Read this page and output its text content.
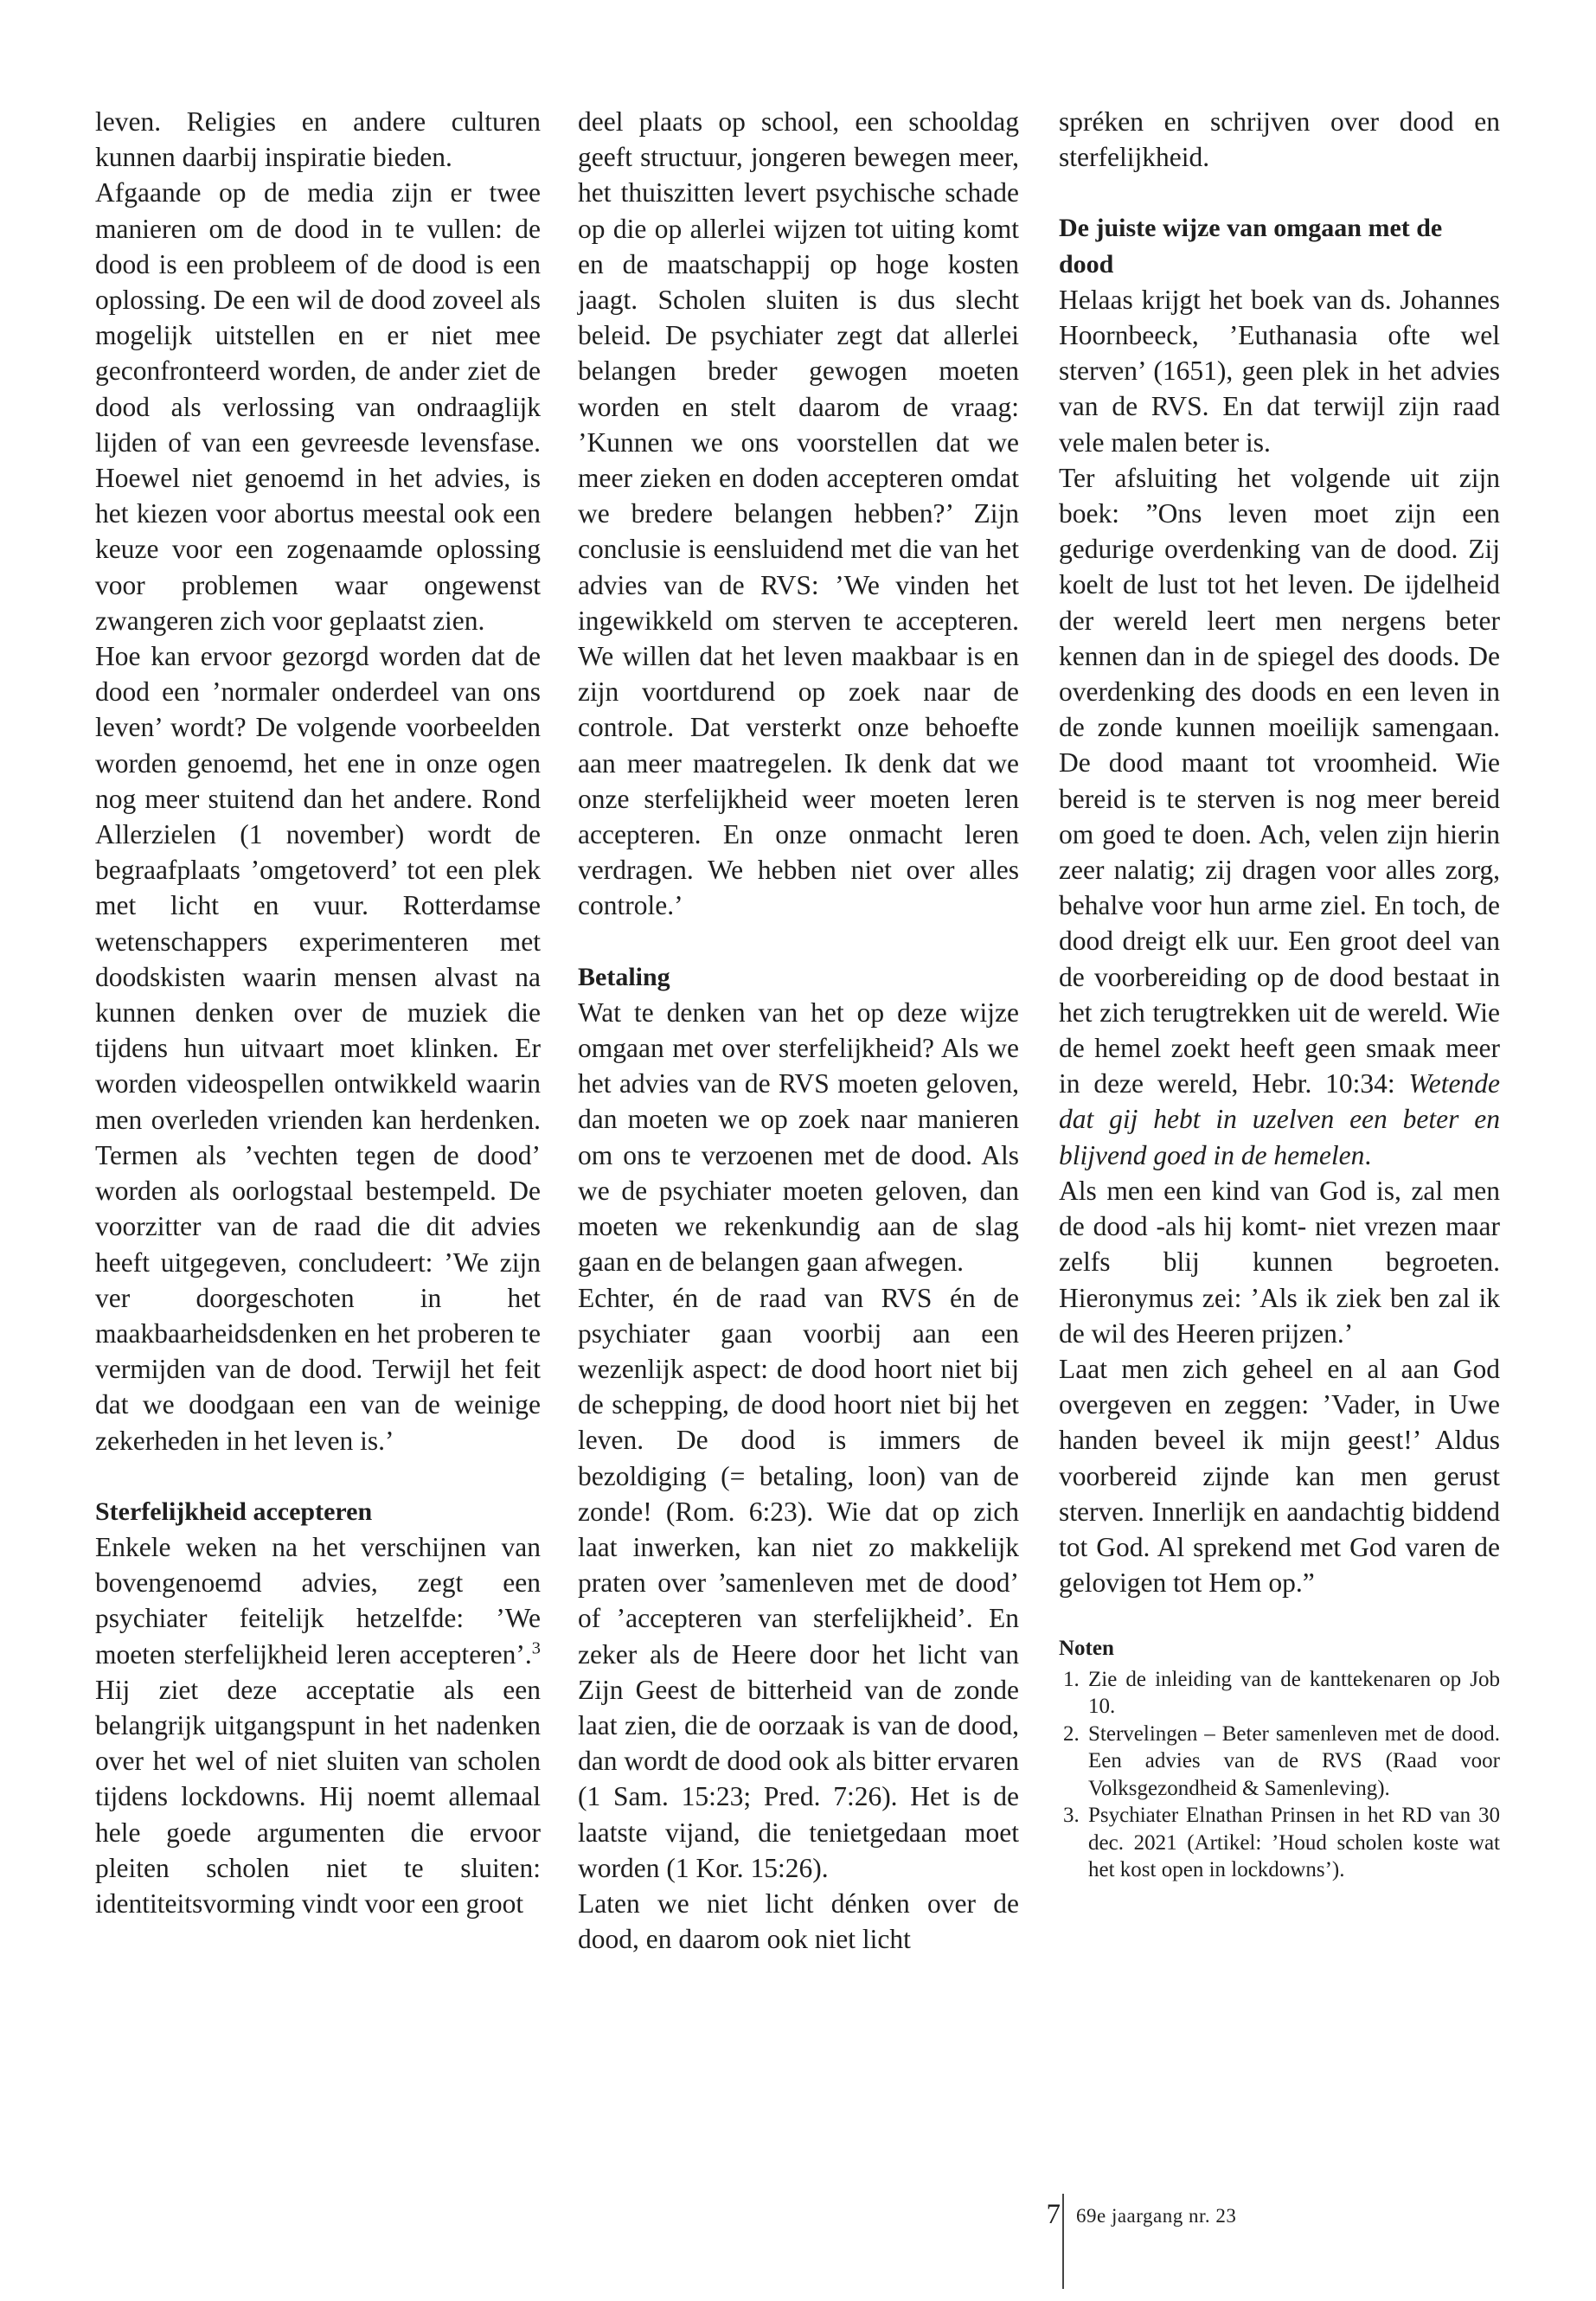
leven. Religies en andere culturen kunnen daarbij inspiratie bieden.

Afgaande op de media zijn er twee manieren om de dood in te vullen: de dood is een probleem of de dood is een oplossing. De een wil de dood zoveel als mogelijk uitstellen en er niet mee geconfronteerd worden, de ander ziet de dood als verlossing van ondraaglijk lijden of van een gevreesde levensfase. Hoewel niet genoemd in het advies, is het kiezen voor abortus meestal ook een keuze voor een zogenaamde oplossing voor problemen waar ongewenst zwangeren zich voor geplaatst zien.

Hoe kan ervoor gezorgd worden dat de dood een ’normaler onderdeel van ons leven’ wordt? De volgende voorbeelden worden genoemd, het ene in onze ogen nog meer stuitend dan het andere. Rond Allerzielen (1 november) wordt de begraafplaats ’omgetoverd’ tot een plek met licht en vuur. Rotterdamse wetenschappers experimenteren met doodskisten waarin mensen alvast na kunnen denken over de muziek die tijdens hun uitvaart moet klinken. Er worden videospellen ontwikkeld waarin men overleden vrienden kan herdenken. Termen als ’vechten tegen de dood’ worden als oorlogstaal bestempeld. De voorzitter van de raad die dit advies heeft uitgegeven, concludeert: ’We zijn ver doorgeschoten in het maakbaarheidsdenken en het proberen te vermijden van de dood. Terwijl het feit dat we doodgaan een van de weinige zekerheden in het leven is.’

Sterfelijkheid accepteren

Enkele weken na het verschijnen van bovengenoemd advies, zegt een psychiater feitelijk hetzelfde: ’We moeten sterfelijkheid leren accepteren’.$^3$ Hij ziet deze acceptatie als een belangrijk uitgangspunt in het nadenken over het wel of niet sluiten van scholen tijdens lockdowns. Hij noemt allemaal hele goede argumenten die ervoor pleiten scholen niet te sluiten: identiteitsvorming vindt voor een groot

deel plaats op school, een schooldag geeft structuur, jongeren bewegen meer, het thuiszitten levert psychische schade op die op allerlei wijzen tot uiting komt en de maatschappij op hoge kosten jaagt. Scholen sluiten is dus slecht beleid. De psychiater zegt dat allerlei belangen breder gewogen moeten worden en stelt daarom de vraag: ’Kunnen we ons voorstellen dat we meer zieken en doden accepteren omdat we bredere belangen hebben?’ Zijn conclusie is eensluidend met die van het advies van de RVS: ’We vinden het ingewikkeld om sterven te accepteren. We willen dat het leven maakbaar is en zijn voortdurend op zoek naar de controle. Dat versterkt onze behoefte aan meer maatregelen. Ik denk dat we onze sterfelijkheid weer moeten leren accepteren. En onze onmacht leren verdragen. We hebben niet over alles controle.’

Betaling

Wat te denken van het op deze wijze omgaan met over sterfelijkheid? Als we het advies van de RVS moeten geloven, dan moeten we op zoek naar manieren om ons te verzoenen met de dood. Als we de psychiater moeten geloven, dan moeten we rekenkundig aan de slag gaan en de belangen gaan afwegen.

Echter, én de raad van RVS én de psychiater gaan voorbij aan een wezenlijk aspect: de dood hoort niet bij de schepping, de dood hoort niet bij het leven. De dood is immers de bezoldiging (= betaling, loon) van de zonde! (Rom. 6:23). Wie dat op zich laat inwerken, kan niet zo makkelijk praten over ’samenleven met de dood’ of ’accepteren van sterfelijkheid’. En zeker als de Heere door het licht van Zijn Geest de bitterheid van de zonde laat zien, die de oorzaak is van de dood, dan wordt de dood ook als bitter ervaren (1 Sam. 15:23; Pred. 7:26). Het is de laatste vijand, die tenietgedaan moet worden (1 Kor. 15:26).

Laten we niet licht dénken over de dood, en daarom ook niet licht

spréken en schrĳven over dood en sterfelijkheid.

De juiste wijze van omgaan met de dood

Helaas krijgt het boek van ds. Johannes Hoornbeeck, ’Euthanasia ofte wel sterven’ (1651), geen plek in het advies van de RVS. En dat terwijl zijn raad vele malen beter is.

Ter afsluiting het volgende uit zijn boek: ”Ons leven moet zijn een gedurige overdenking van de dood. Zij koelt de lust tot het leven. De ijdelheid der wereld leert men nergens beter kennen dan in de spiegel des doods. De overdenking des doods en een leven in de zonde kunnen moeilijk samengaan. De dood maant tot vroomheid. Wie bereid is te sterven is nog meer bereid om goed te doen. Ach, velen zijn hierin zeer nalatig; zij dragen voor alles zorg, behalve voor hun arme ziel. En toch, de dood dreigt elk uur. Een groot deel van de voorbereiding op de dood bestaat in het zich terugtrekken uit de wereld. Wie de hemel zoekt heeft geen smaak meer in deze wereld, Hebr. 10:34: Wetende dat gij hebt in uzelven een beter en blijvend goed in de hemelen.

Als men een kind van God is, zal men de dood -als hij komt- niet vrezen maar zelfs blij kunnen begroeten. Hieronymus zei: ’Als ik ziek ben zal ik de wil des Heeren prijzen.’

Laat men zich geheel en al aan God overgeven en zeggen: ’Vader, in Uwe handen beveel ik mijn geest!’ Aldus voorbereid zijnde kan men gerust sterven. Innerlijk en aandachtig biddend tot God. Al sprekend met God varen de gelovigen tot Hem op.”

Noten
1. Zie de inleiding van de kanttekenaren op Job 10.
2. Stervelingen – Beter samenleven met de dood. Een advies van de RVS (Raad voor Volksgezondheid & Samenleving).
3. Psychiater Elnathan Prinsen in het RD van 30 dec. 2021 (Artikel: ’Houd scholen koste wat het kost open in lockdowns’).
7 69e jaargang nr. 23
